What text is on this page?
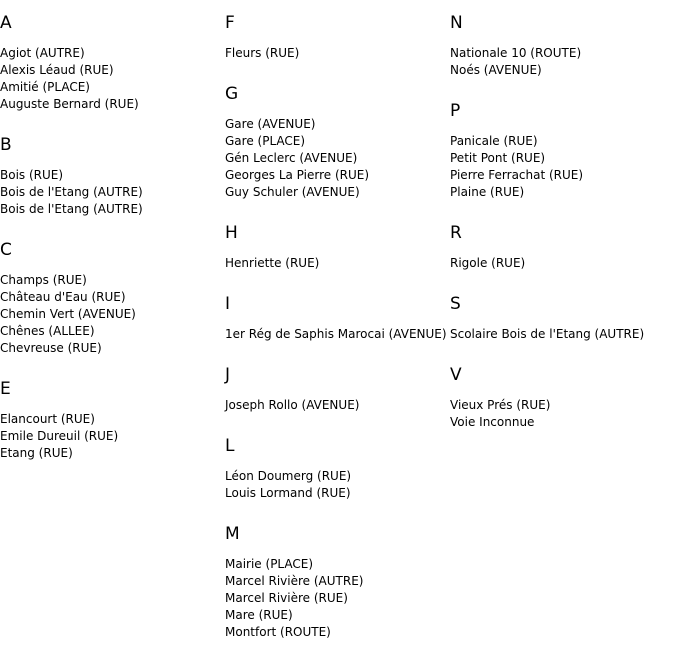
A
Agiot (AUTRE)
Alexis Léaud (RUE)
Amitié (PLACE)
Auguste Bernard (RUE)
B
Bois (RUE)
Bois de l'Etang (AUTRE)
Bois de l'Etang (AUTRE)
C
Champs (RUE)
Château d'Eau (RUE)
Chemin Vert (AVENUE)
Chênes (ALLEE)
Chevreuse (RUE)
E
Elancourt (RUE)
Emile Dureuil (RUE)
Etang (RUE)
F
Fleurs (RUE)
G
Gare (AVENUE)
Gare (PLACE)
Gén Leclerc (AVENUE)
Georges La Pierre (RUE)
Guy Schuler (AVENUE)
H
Henriette (RUE)
I
1er Rég de Saphis Marocai (AVENUE)
J
Joseph Rollo (AVENUE)
L
Léon Doumerg (RUE)
Louis Lormand (RUE)
M
Mairie (PLACE)
Marcel Rivière (AUTRE)
Marcel Rivière (RUE)
Mare (RUE)
Montfort (ROUTE)
N
Nationale 10 (ROUTE)
Noés (AVENUE)
P
Panicale (RUE)
Petit Pont (RUE)
Pierre Ferrachat (RUE)
Plaine (RUE)
R
Rigole (RUE)
S
Scolaire Bois de l'Etang (AUTRE)
V
Vieux Prés (RUE)
Voie Inconnue
